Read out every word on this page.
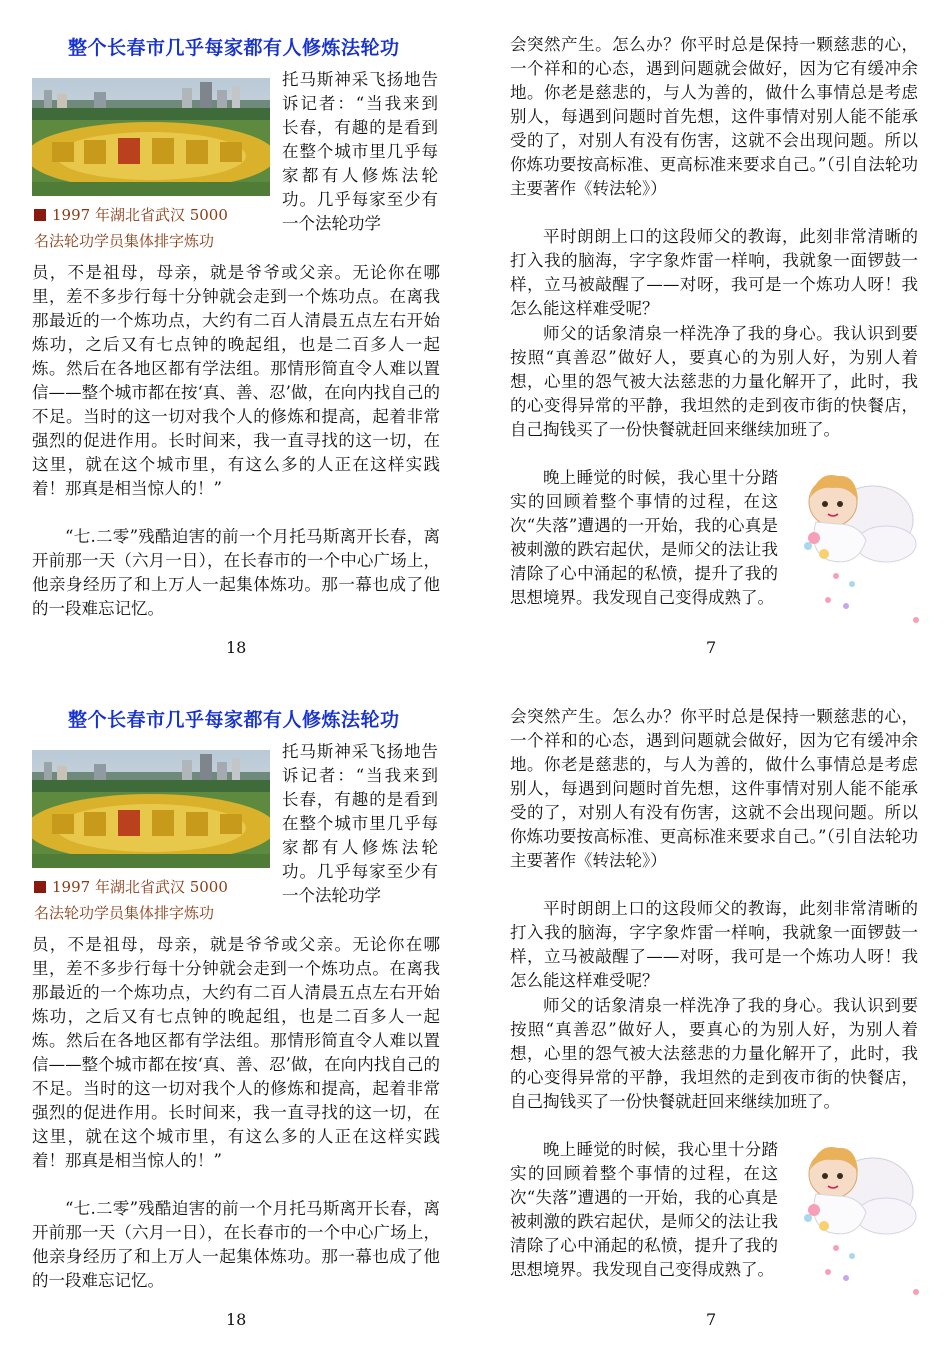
整个长春市几乎每家都有人修炼法轮功
1997 年湖北省武汉 5000
名法轮功学员集体排字炼功
托马斯神采飞扬地告诉记者：“当我来到长春，有趣的是看到在整个城市里几乎每家都有人修炼法轮功。几乎每家至少有一个法轮功学
员，不是祖母，母亲，就是爷爷或父亲。无论你在哪里，差不多步行每十分钟就会走到一个炼功点。在离我那最近的一个炼功点，大约有二百人清晨五点左右开始炼功，之后又有七点钟的晚起组，也是二百多人一起炼。然后在各地区都有学法组。那情形简直令人难以置信——整个城市都在按‘真、善、忍’做，在向内找自己的不足。当时的这一切对我个人的修炼和提高，起着非常强烈的促进作用。长时间来，我一直寻找的这一切，在这里，就在这个城市里，有这么多的人正在这样实践着！那真是相当惊人的！”
“七.二零”残酷迫害的前一个月托马斯离开长春，离开前那一天（六月一日），在长春市的一个中心广场上，他亲身经历了和上万人一起集体炼功。那一幕也成了他的一段难忘记忆。
会突然产生。怎么办？你平时总是保持一颗慈悲的心，一个祥和的心态，遇到问题就会做好，因为它有缓冲余地。你老是慈悲的，与人为善的，做什么事情总是考虑别人，每遇到问题时首先想，这件事情对别人能不能承受的了，对别人有没有伤害，这就不会出现问题。所以你炼功要按高标准、更高标准来要求自己。”（引自法轮功主要著作《转法轮》）
平时朗朗上口的这段师父的教诲，此刻非常清晰的打入我的脑海，字字象炸雷一样响，我就象一面锣鼓一样，立马被敲醒了——对呀，我可是一个炼功人呀！我怎么能这样难受呢？
师父的话象清泉一样洗净了我的身心。我认识到要按照“真善忍”做好人，要真心的为别人好，为别人着想，心里的怨气被大法慈悲的力量化解开了，此时，我的心变得异常的平静，我坦然的走到夜市街的快餐店，自己掏钱买了一份快餐就赶回来继续加班了。
晚上睡觉的时候，我心里十分踏实的回顾着整个事情的过程，在这次“失落”遭遇的一开始，我的心真是被刺激的跌宕起伏，是师父的法让我清除了心中涌起的私愤，提升了我的思想境界。我发现自己变得成熟了。
18	7
整个长春市几乎每家都有人修炼法轮功
1997 年湖北省武汉 5000
名法轮功学员集体排字炼功
托马斯神采飞扬地告诉记者：“当我来到长春，有趣的是看到在整个城市里几乎每家都有人修炼法轮功。几乎每家至少有一个法轮功学
员，不是祖母，母亲，就是爷爷或父亲。无论你在哪里，差不多步行每十分钟就会走到一个炼功点。在离我那最近的一个炼功点，大约有二百人清晨五点左右开始炼功，之后又有七点钟的晚起组，也是二百多人一起炼。然后在各地区都有学法组。那情形简直令人难以置信——整个城市都在按‘真、善、忍’做，在向内找自己的不足。当时的这一切对我个人的修炼和提高，起着非常强烈的促进作用。长时间来，我一直寻找的这一切，在这里，就在这个城市里，有这么多的人正在这样实践着！那真是相当惊人的！”
“七.二零”残酷迫害的前一个月托马斯离开长春，离开前那一天（六月一日），在长春市的一个中心广场上，他亲身经历了和上万人一起集体炼功。那一幕也成了他的一段难忘记忆。
会突然产生。怎么办？你平时总是保持一颗慈悲的心，一个祥和的心态，遇到问题就会做好，因为它有缓冲余地。你老是慈悲的，与人为善的，做什么事情总是考虑别人，每遇到问题时首先想，这件事情对别人能不能承受的了，对别人有没有伤害，这就不会出现问题。所以你炼功要按高标准、更高标准来要求自己。”（引自法轮功主要著作《转法轮》）
平时朗朗上口的这段师父的教诲，此刻非常清晰的打入我的脑海，字字象炸雷一样响，我就象一面锣鼓一样，立马被敲醒了——对呀，我可是一个炼功人呀！我怎么能这样难受呢？
师父的话象清泉一样洗净了我的身心。我认识到要按照“真善忍”做好人，要真心的为别人好，为别人着想，心里的怨气被大法慈悲的力量化解开了，此时，我的心变得异常的平静，我坦然的走到夜市街的快餐店，自己掏钱买了一份快餐就赶回来继续加班了。
晚上睡觉的时候，我心里十分踏实的回顾着整个事情的过程，在这次“失落”遭遇的一开始，我的心真是被刺激的跌宕起伏，是师父的法让我清除了心中涌起的私愤，提升了我的思想境界。我发现自己变得成熟了。
18	7
